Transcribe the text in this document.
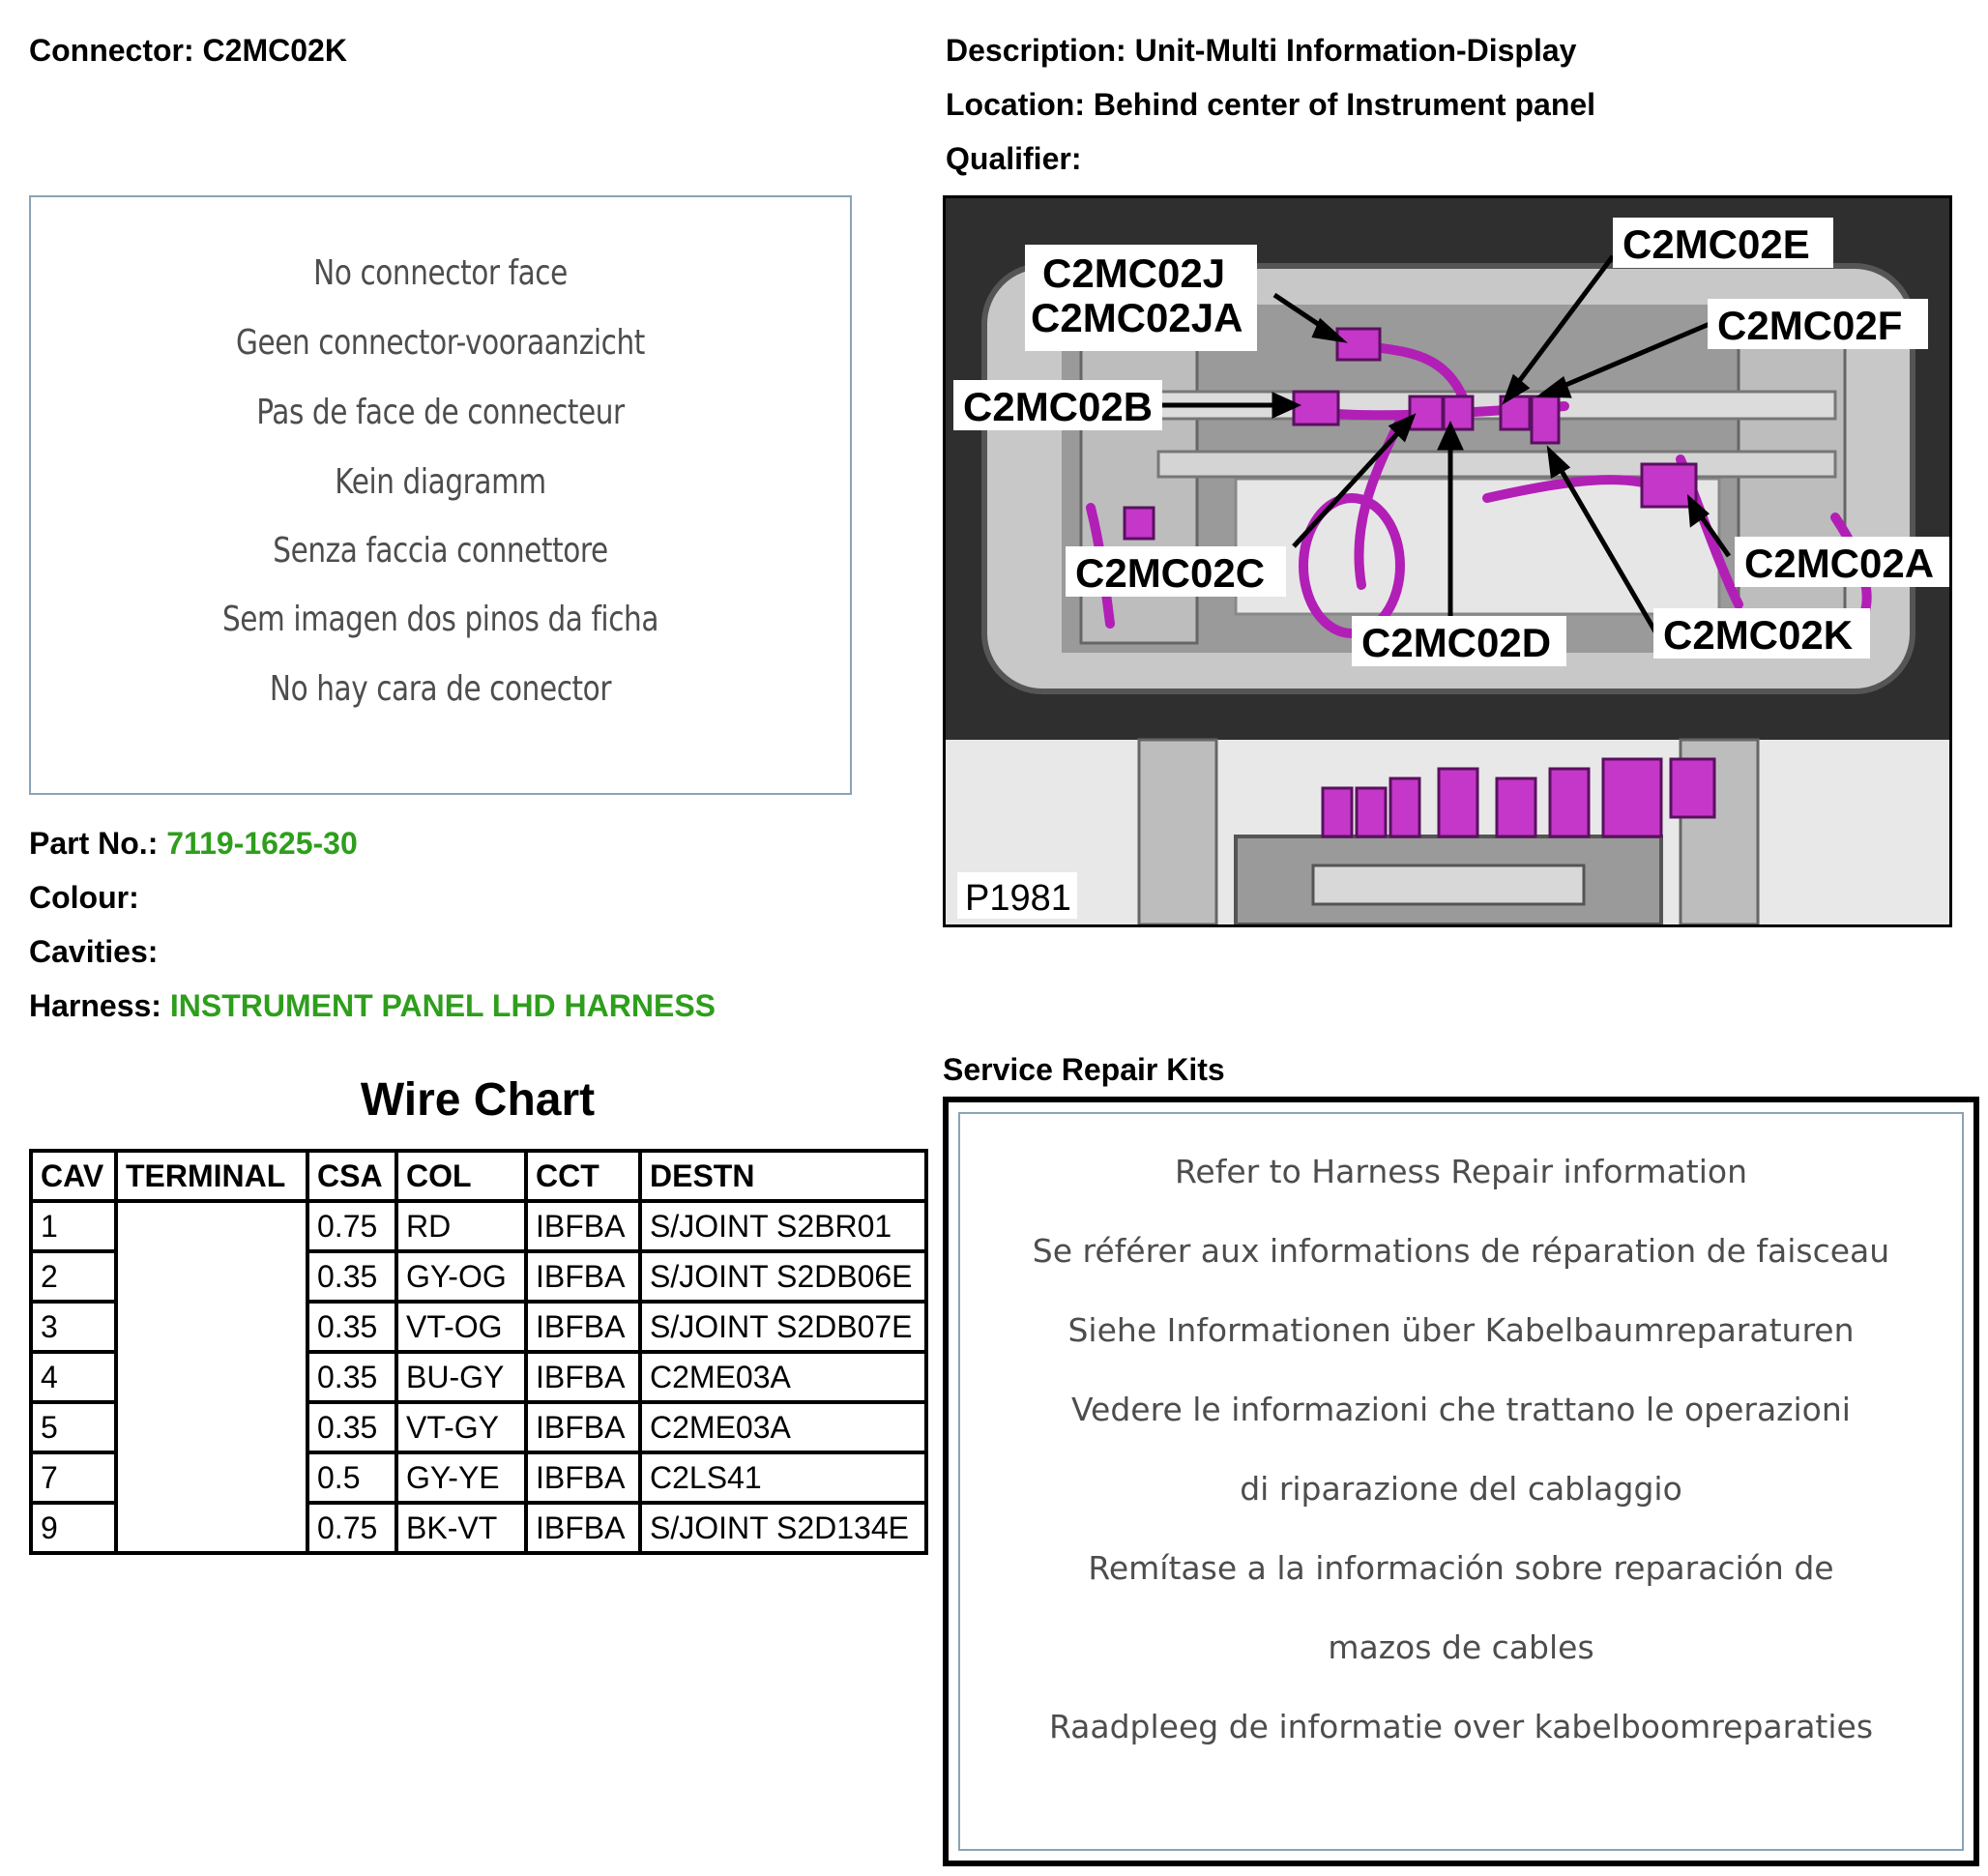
Connector: C2MC02K	Description: Unit-Multi Information-Display
Location: Behind center of Instrument panel
Qualifier:
No connector face
Geen connector-vooraanzicht
Pas de face de connecteur
Kein diagramm
Senza faccia connettore
Sem imagen dos pinos da ficha
No hay cara de conector
Part No.: 7119-1625-30
Colour:
Cavities:
Harness: INSTRUMENT PANEL LHD HARNESS
C2MC02J
C2MC02JA
C2MC02E
C2MC02F
C2MC02B
C2MC02A
C2MC02C
C2MC02D	C2MC02K
P1981
Wire Chart
CAV	TERMINAL	CSA	COL	CCT	DESTN
1		0.75	RD	IBFBA	S/JOINT S2BR01
2		0.35	GY-OG	IBFBA	S/JOINT S2DB06E
3		0.35	VT-OG	IBFBA	S/JOINT S2DB07E
4		0.35	BU-GY	IBFBA	C2ME03A
5		0.35	VT-GY	IBFBA	C2ME03A
7		0.5	GY-YE	IBFBA	C2LS41
9		0.75	BK-VT	IBFBA	S/JOINT S2D134E
Service Repair Kits
Refer to Harness Repair information
Se référer aux informations de réparation de faisceau
Siehe Informationen über Kabelbaumreparaturen
Vedere le informazioni che trattano le operazioni
di riparazione del cablaggio
Remítase a la información sobre reparación de
mazos de cables
Raadpleeg de informatie over kabelboomreparaties
